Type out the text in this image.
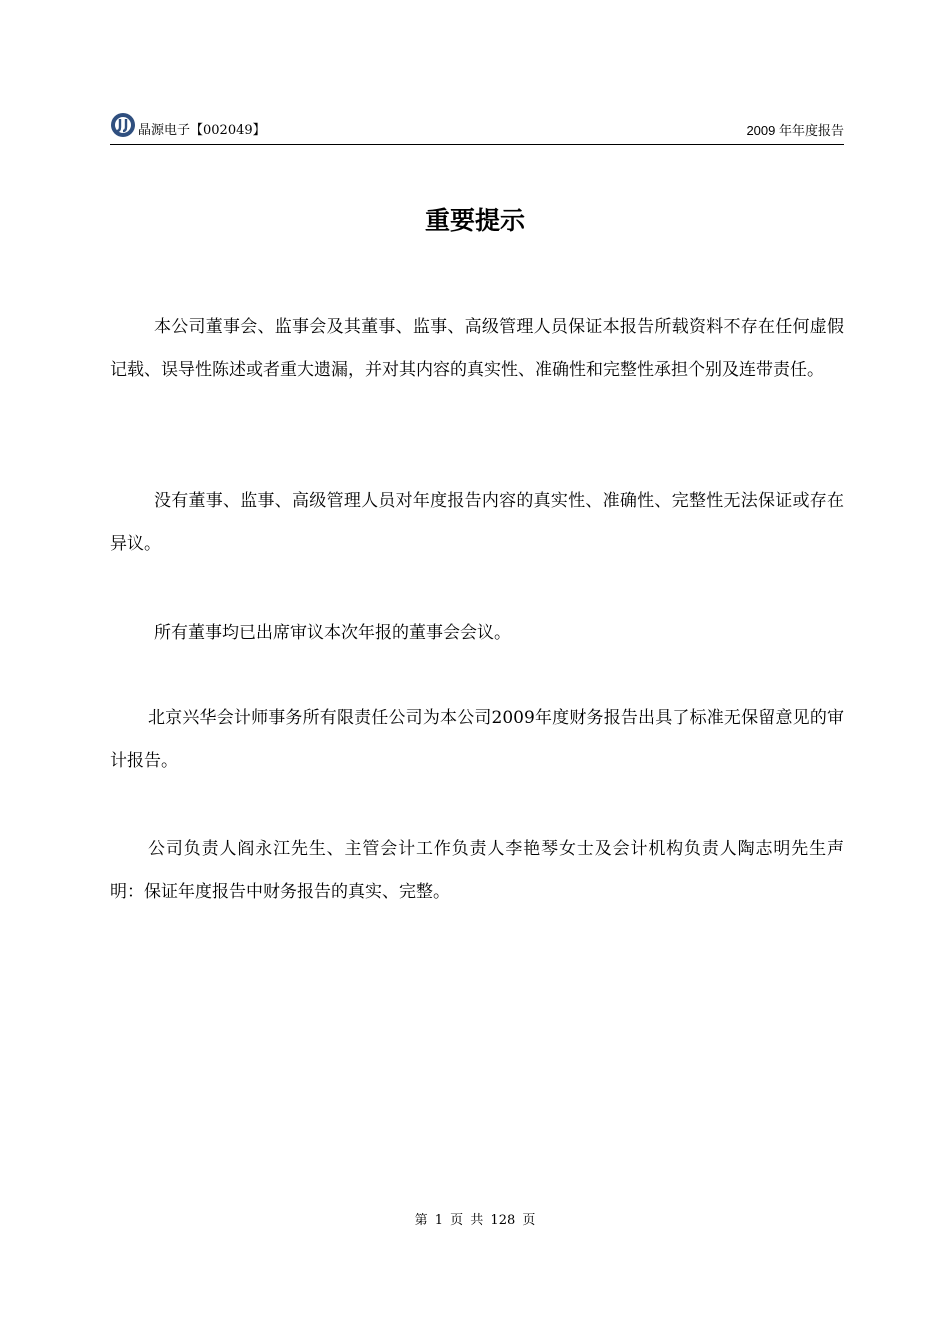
晶源电子【002049】	2009 年年度报告
重要提示

本公司董事会、监事会及其董事、监事、高级管理人员保证本报告所载资料不存在任何虚假记载、误导性陈述或者重大遗漏，并对其内容的真实性、准确性和完整性承担个别及连带责任。

没有董事、监事、高级管理人员对年度报告内容的真实性、准确性、完整性无法保证或存在异议。

所有董事均已出席审议本次年报的董事会会议。

北京兴华会计师事务所有限责任公司为本公司2009年度财务报告出具了标准无保留意见的审计报告。

公司负责人阎永江先生、主管会计工作负责人李艳琴女士及会计机构负责人陶志明先生声明：保证年度报告中财务报告的真实、完整。

第 1 页 共 128 页
